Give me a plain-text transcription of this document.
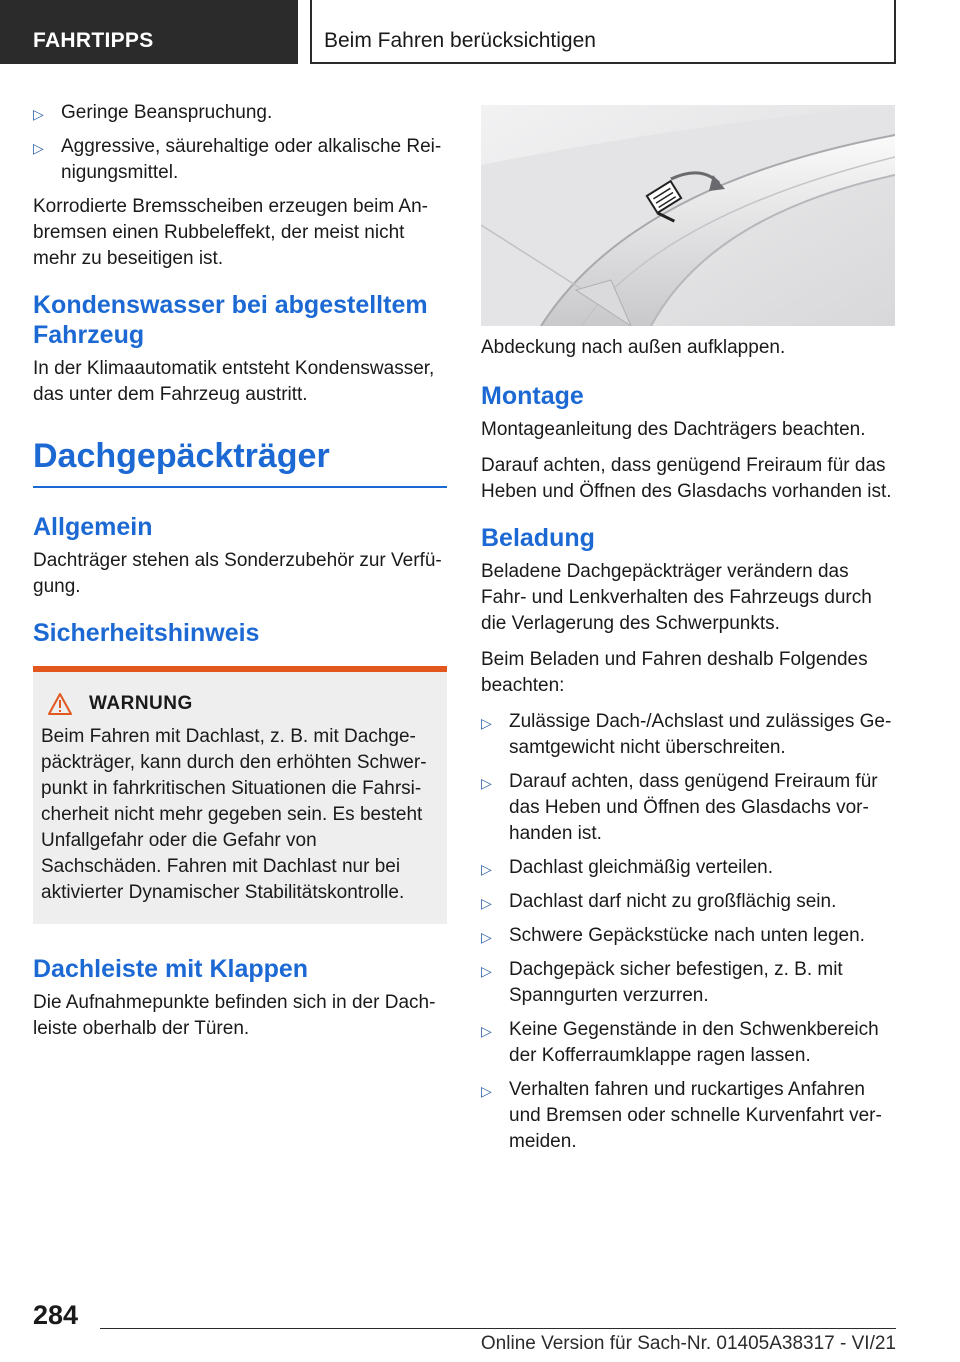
FAHRTIPPS	Beim Fahren berücksichtigen
▷ Geringe Beanspruchung.
▷ Aggressive, säurehaltige oder alkalische Reinigungsmittel.

Korrodierte Bremsscheiben erzeugen beim Anbremsen einen Rubbeleffekt, der meist nicht mehr zu beseitigen ist.

Kondenswasser bei abgestelltem Fahrzeug

In der Klimaautomatik entsteht Kondenswasser, das unter dem Fahrzeug austritt.

Dachgepäckträger
Allgemein

Dachträger stehen als Sonderzubehör zur Verfügung.

Sicherheitshinweis
WARNUNG

Beim Fahren mit Dachlast, z. B. mit Dachgepäckträger, kann durch den erhöhten Schwerpunkt in fahrkritischen Situationen die Fahrsicherheit nicht mehr gegeben sein. Es besteht Unfallgefahr oder die Gefahr von Sachschäden. Fahren mit Dachlast nur bei aktivierter Dynamischer Stabilitätskontrolle.

Dachleiste mit Klappen

Die Aufnahmepunkte befinden sich in der Dachleiste oberhalb der Türen.

Abdeckung nach außen aufklappen.

Montage

Montageanleitung des Dachträgers beachten.

Darauf achten, dass genügend Freiraum für das Heben und Öffnen des Glasdachs vorhanden ist.

Beladung

Beladene Dachgepäckträger verändern das Fahr- und Lenkverhalten des Fahrzeugs durch die Verlagerung des Schwerpunkts.

Beim Beladen und Fahren deshalb Folgendes beachten:

▷ Zulässige Dach-/Achslast und zulässiges Gesamtgewicht nicht überschreiten.
▷ Darauf achten, dass genügend Freiraum für das Heben und Öffnen des Glasdachs vorhanden ist.
▷ Dachlast gleichmäßig verteilen.
▷ Dachlast darf nicht zu großflächig sein.
▷ Schwere Gepäckstücke nach unten legen.
▷ Dachgepäck sicher befestigen, z. B. mit Spanngurten verzurren.
▷ Keine Gegenstände in den Schwenkbereich der Kofferraumklappe ragen lassen.
▷ Verhalten fahren und ruckartiges Anfahren und Bremsen oder schnelle Kurvenfahrt vermeiden.
284
Online Version für Sach-Nr. 01405A38317 - VI/21
